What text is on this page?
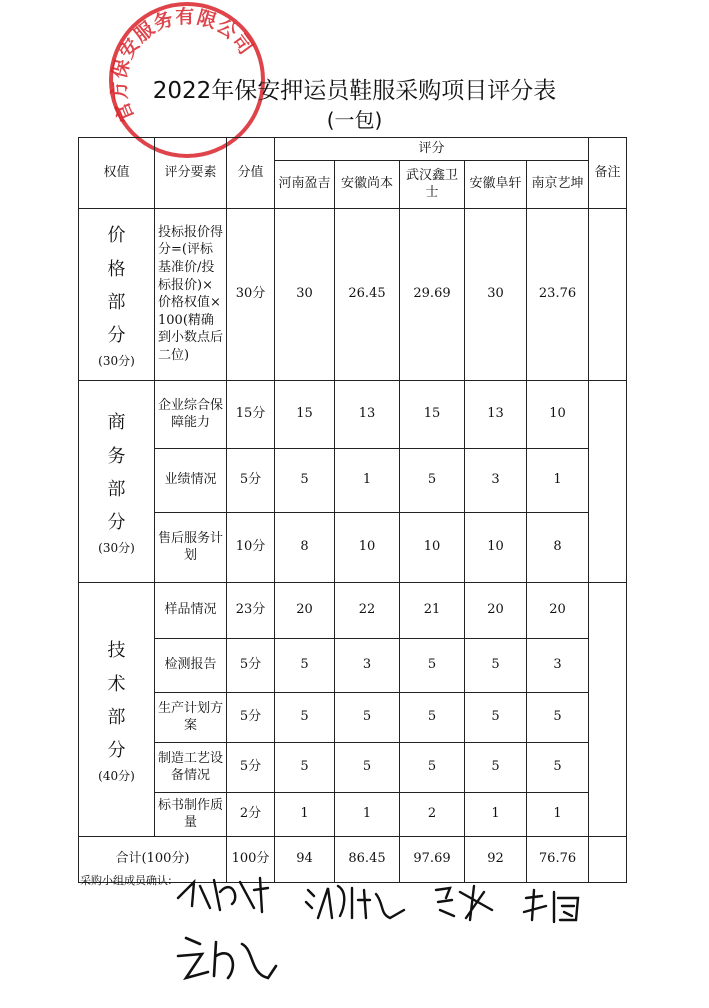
官方保安服务有限公司
2022年保安押运员鞋服采购项目评分表
(一包)
权值	评分要素	分值	评分					备注
			河南盈吉	安徽尚本	武汉鑫卫士	安徽阜轩	南京艺坤	

价格部分
(30分)	投标报价得分=(评标基准价/投标报价)×价格权值×100(精确到小数点后二位)	30分	30	26.45	29.69	30	23.76	

商务部分
(30分)	企业综合保障能力	15分	15	13	15	13	10	
	业绩情况	5分	5	1	5	3	1	
	售后服务计划	10分	8	10	10	10	8	

技术部分
(40分)	样品情况	23分	20	22	21	20	20	
	检测报告	5分	5	3	5	5	3	
	生产计划方案	5分	5	5	5	5	5	
	制造工艺设备情况	5分	5	5	5	5	5	
	标书制作质量	2分	1	1	2	1	1	
合计(100分)		100分	94	86.45	97.69	92	76.76	
采购小组成员确认:
